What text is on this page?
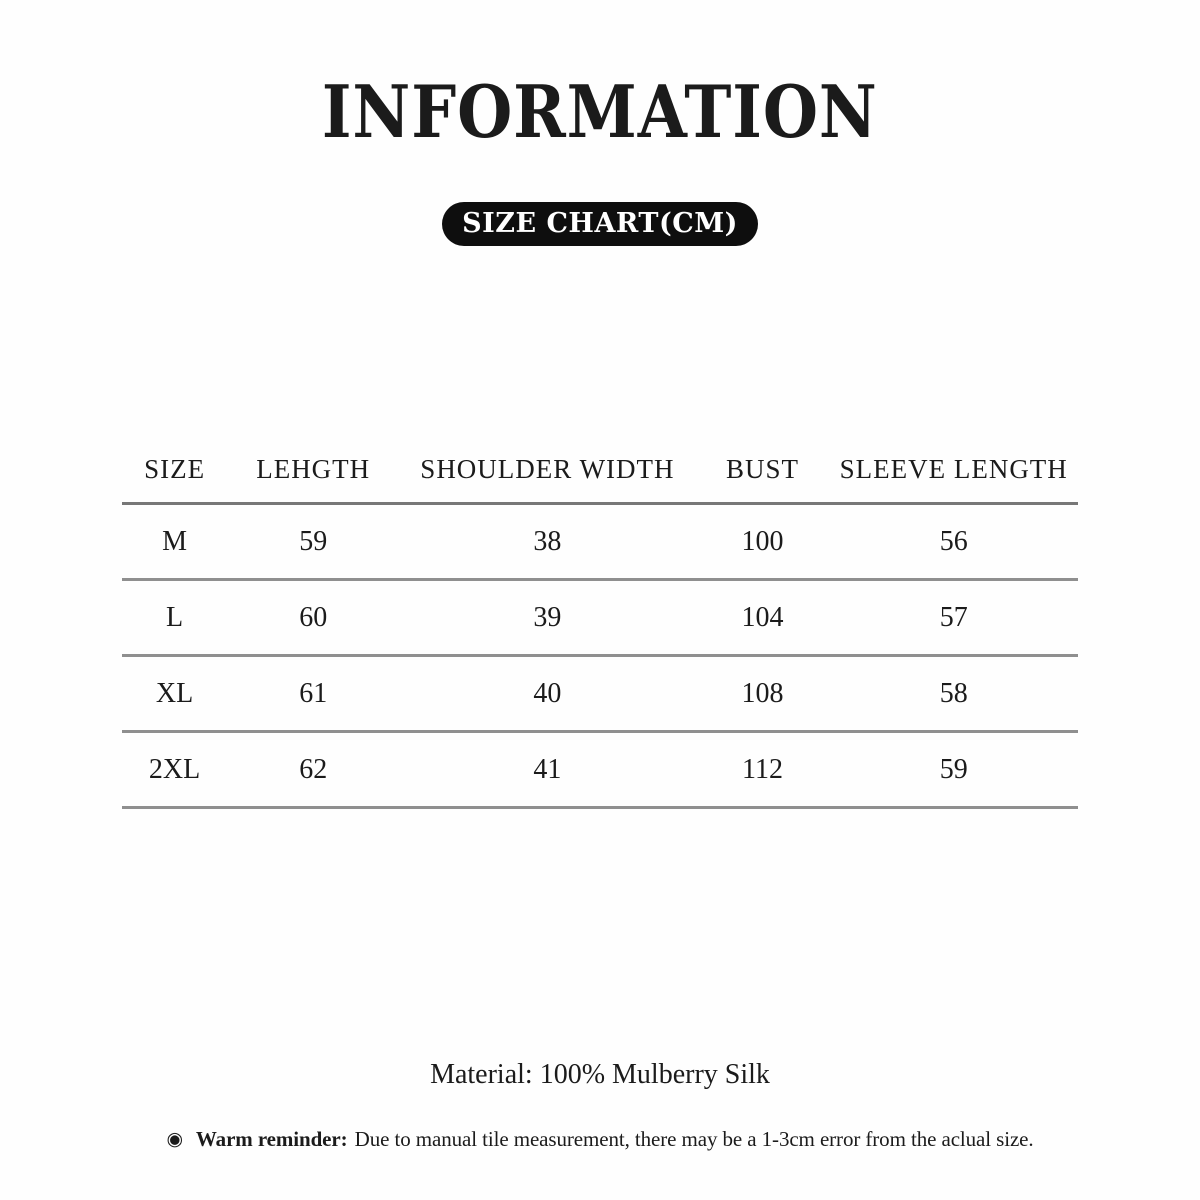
INFORMATION
SIZE CHART(CM)
SIZE	LEHGTH	SHOULDER WIDTH	BUST	SLEEVE LENGTH
M	59	38	100	56
L	60	39	104	57
XL	61	40	108	58
2XL	62	41	112	59
Material: 100% Mulberry Silk
◉ Warm reminder: Due to manual tile measurement, there may be a 1-3cm error from the aclual size.
